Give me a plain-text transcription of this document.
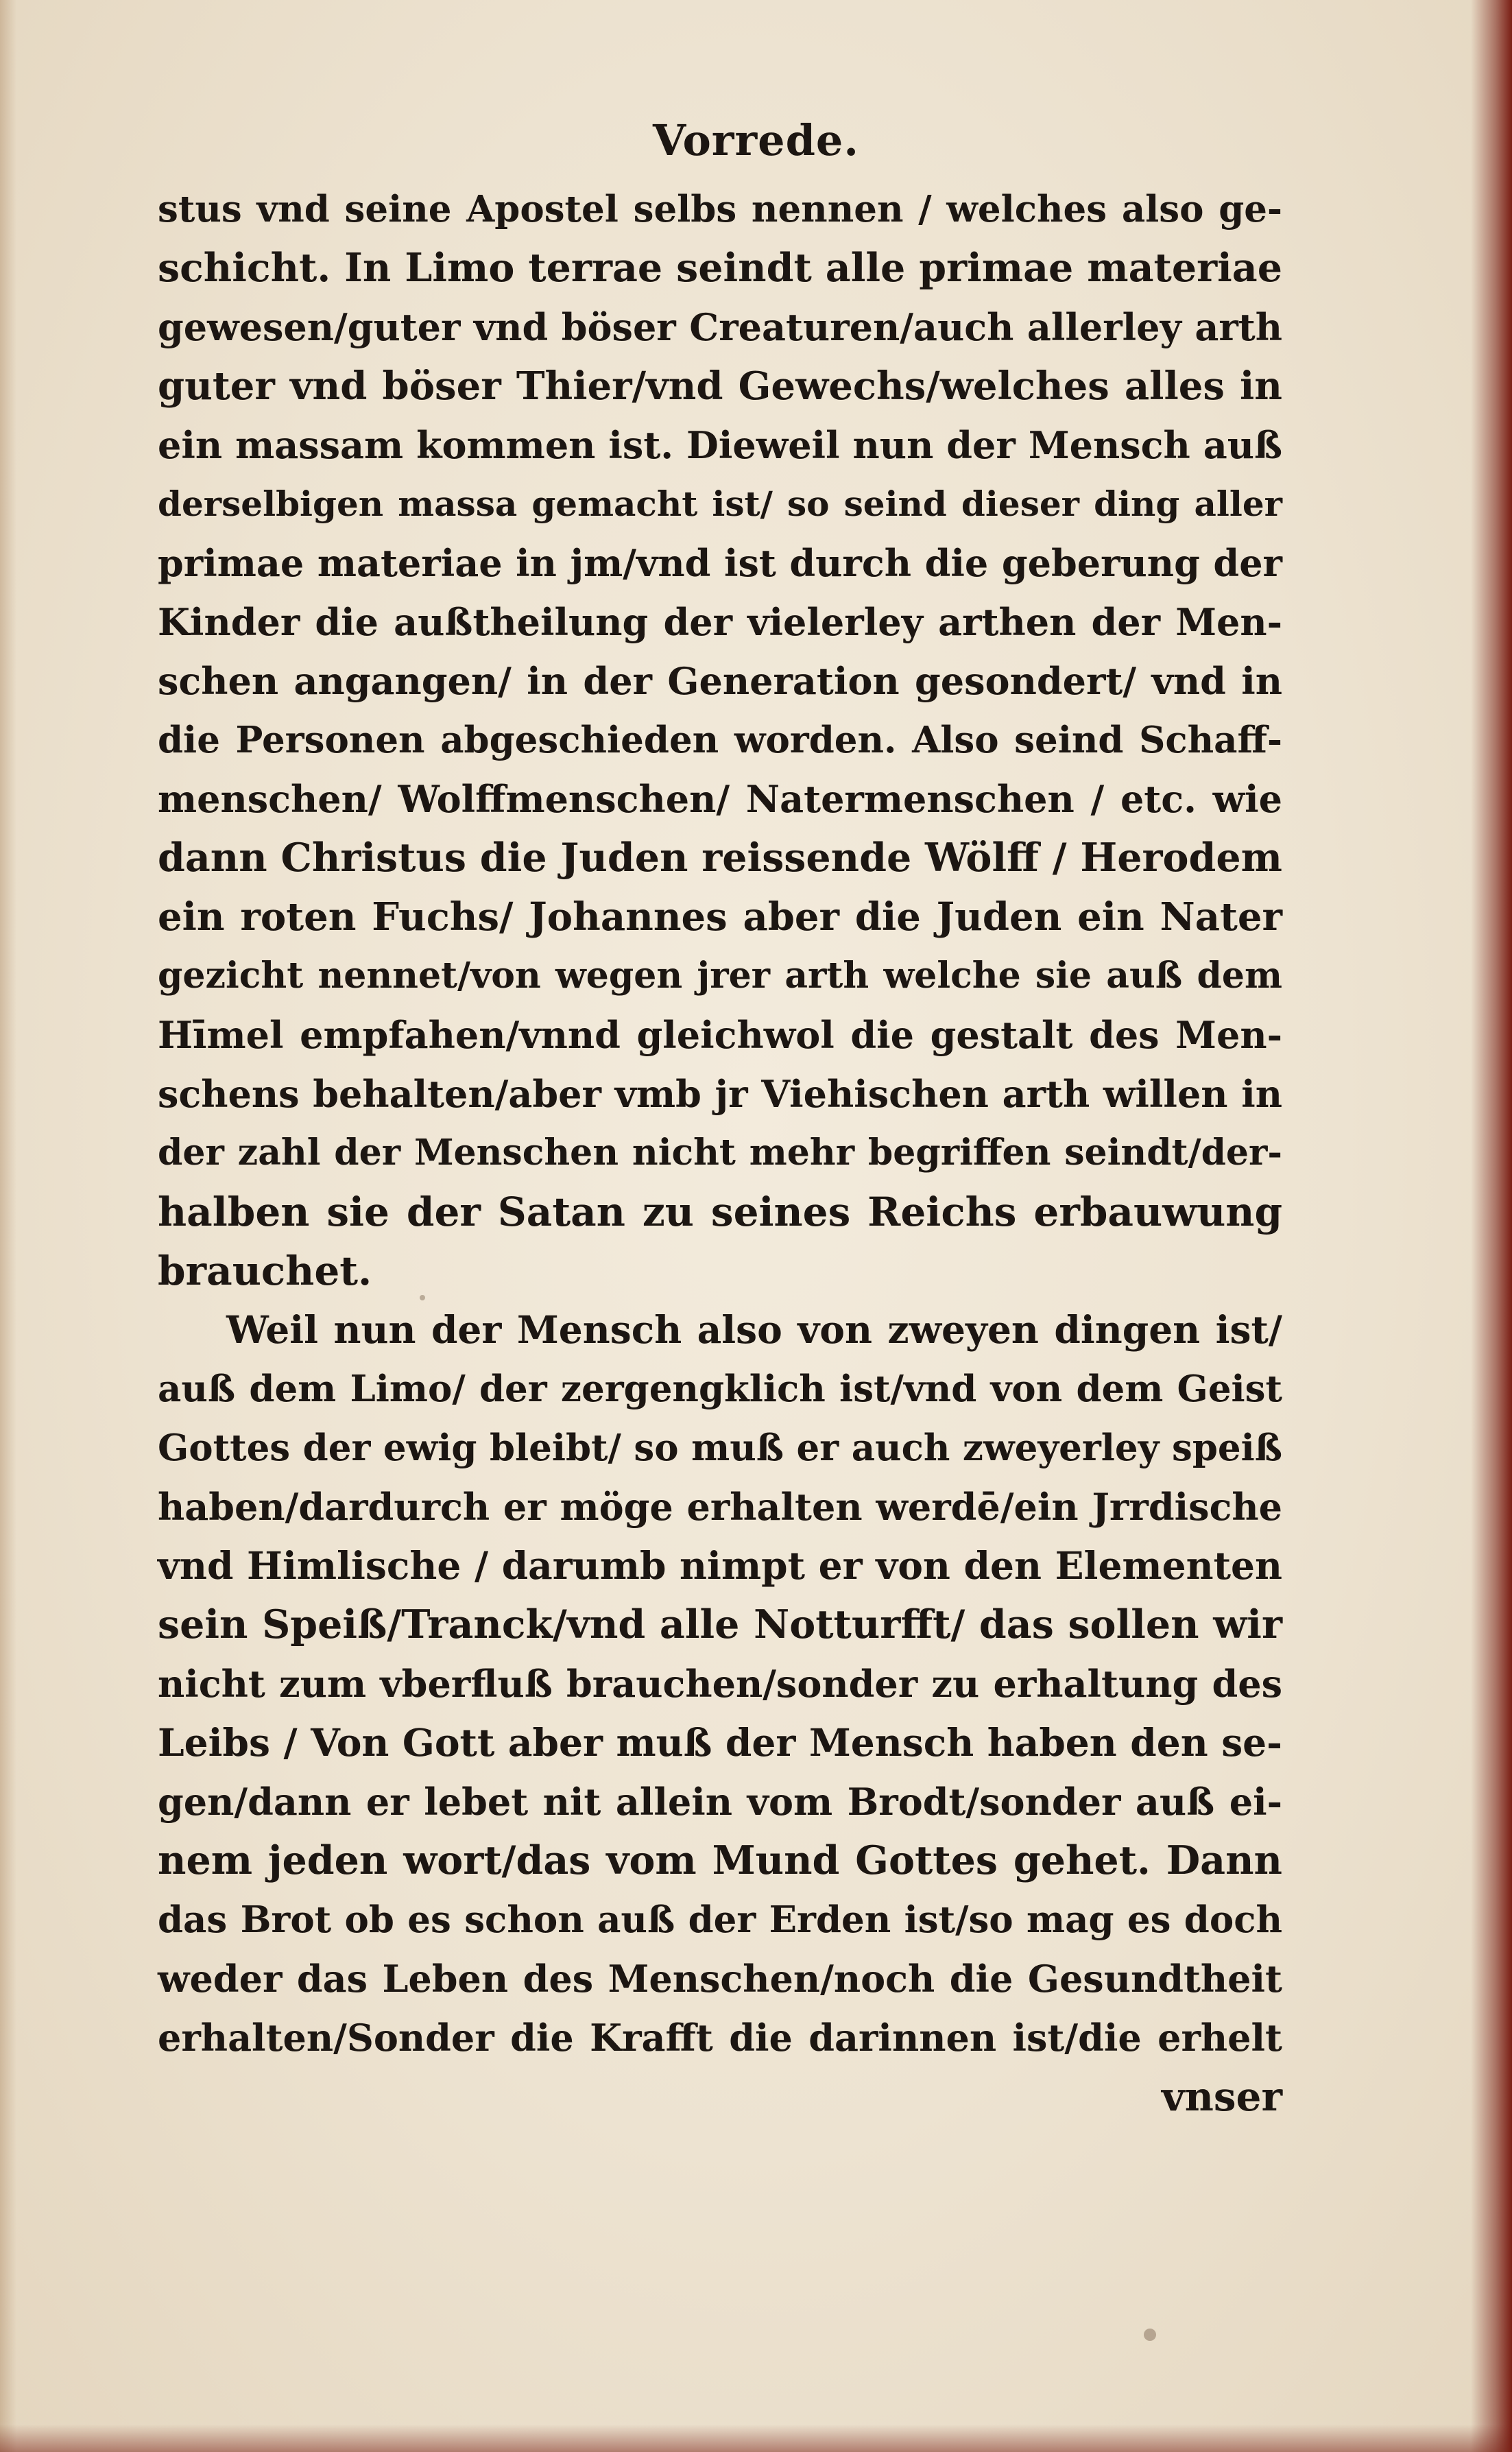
Vorrede.
stus vnd seine Apostel selbs nennen / welches also ge-
schicht. In Limo terrae seindt alle primae materiae
gewesen/guter vnd böser Creaturen/auch allerley arth
guter vnd böser Thier/vnd Gewechs/welches alles in
ein massam kommen ist. Dieweil nun der Mensch auß
derselbigen massa gemacht ist/ so seind dieser ding aller
primae materiae in jm/vnd ist durch die geberung der
Kinder die außtheilung der vielerley arthen der Men-
schen angangen/ in der Generation gesondert/ vnd in
die Personen abgeschieden worden. Also seind Schaff-
menschen/ Wolffmenschen/ Natermenschen / etc. wie
dann Christus die Juden reissende Wölff / Herodem
ein roten Fuchs/ Johannes aber die Juden ein Nater
gezicht nennet/von wegen jrer arth welche sie auß dem
Hīmel empfahen/vnnd gleichwol die gestalt des Men-
schens behalten/aber vmb jr Viehischen arth willen in
der zahl der Menschen nicht mehr begriffen seindt/der-
halben sie der Satan zu seines Reichs erbauwung
brauchet.
Weil nun der Mensch also von zweyen dingen ist/
auß dem Limo/ der zergengklich ist/vnd von dem Geist
Gottes der ewig bleibt/ so muß er auch zweyerley speiß
haben/dardurch er möge erhalten werdē/ein Jrrdische
vnd Himlische / darumb nimpt er von den Elementen
sein Speiß/Tranck/vnd alle Notturfft/ das sollen wir
nicht zum vberfluß brauchen/sonder zu erhaltung des
Leibs / Von Gott aber muß der Mensch haben den se-
gen/dann er lebet nit allein vom Brodt/sonder auß ei-
nem jeden wort/das vom Mund Gottes gehet. Dann
das Brot ob es schon auß der Erden ist/so mag es doch
weder das Leben des Menschen/noch die Gesundtheit
erhalten/Sonder die Krafft die darinnen ist/die erhelt
vnser
